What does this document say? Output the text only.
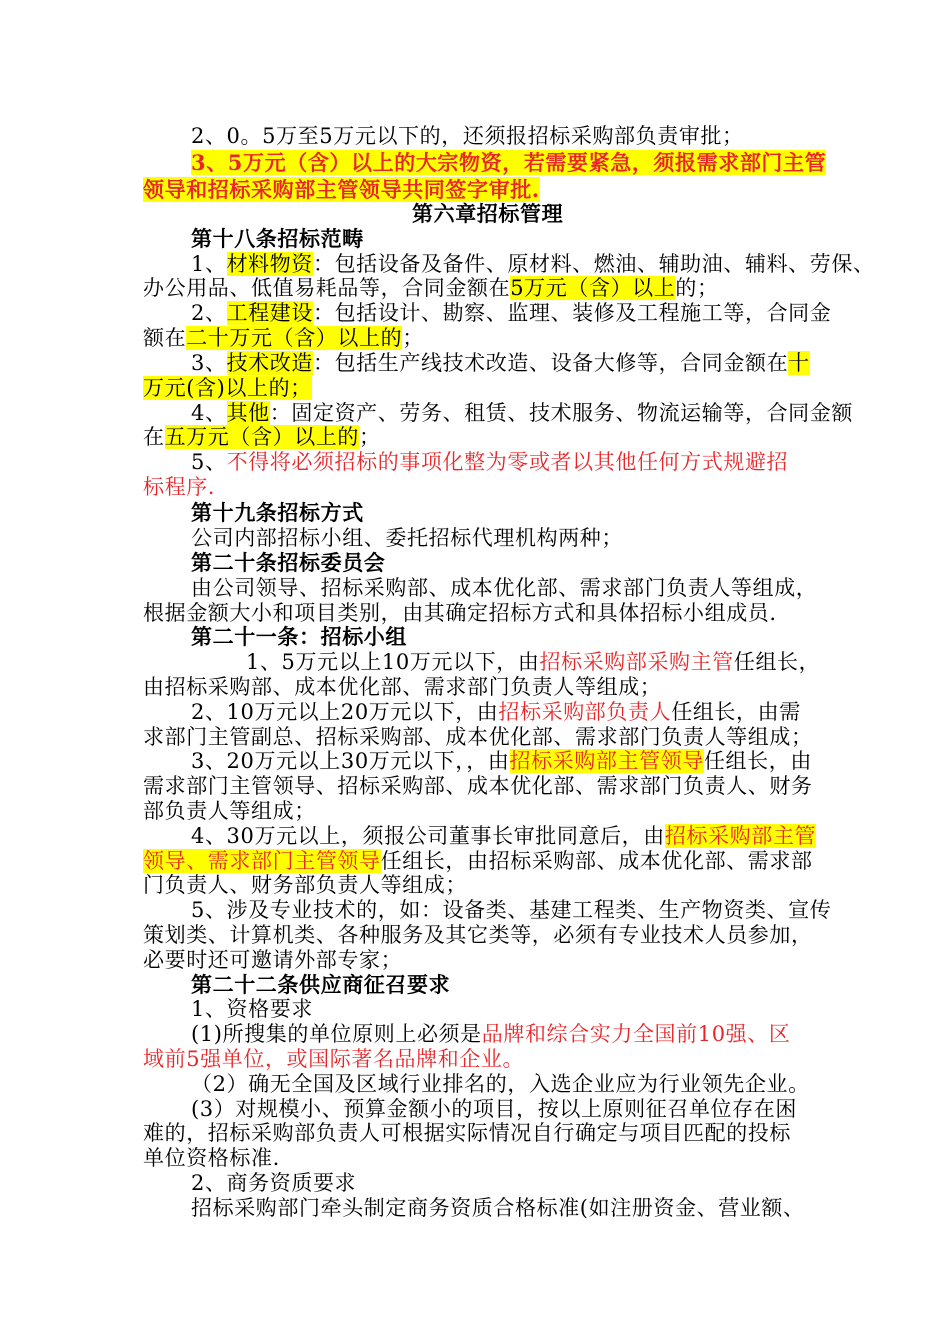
2、0。5万至5万元以下的，还须报招标采购部负责审批；
3、5万元（含）以上的大宗物资，若需要紧急，须报需求部门主管
领导和招标采购部主管领导共同签字审批.
第六章招标管理
第十八条招标范畴
1、材料物资：包括设备及备件、原材料、燃油、辅助油、辅料、劳保、
办公用品、低值易耗品等，合同金额在5万元（含）以上的；
2、工程建设：包括设计、勘察、监理、装修及工程施工等，合同金
额在二十万元（含）以上的；
3、技术改造：包括生产线技术改造、设备大修等，合同金额在十
万元(含)以上的；
4、其他：固定资产、劳务、租赁、技术服务、物流运输等，合同金额
在五万元（含）以上的；
5、不得将必须招标的事项化整为零或者以其他任何方式规避招
标程序.
第十九条招标方式
公司内部招标小组、委托招标代理机构两种；
第二十条招标委员会
由公司领导、招标采购部、成本优化部、需求部门负责人等组成，
根据金额大小和项目类别，由其确定招标方式和具体招标小组成员.
第二十一条：招标小组
1、5万元以上10万元以下，由招标采购部采购主管任组长，
由招标采购部、成本优化部、需求部门负责人等组成；
2、10万元以上20万元以下，由招标采购部负责人任组长，由需
求部门主管副总、招标采购部、成本优化部、需求部门负责人等组成；
3、20万元以上30万元以下，，由招标采购部主管领导任组长，由
需求部门主管领导、招标采购部、成本优化部、需求部门负责人、财务
部负责人等组成；
4、30万元以上，须报公司董事长审批同意后，由招标采购部主管
领导、需求部门主管领导任组长，由招标采购部、成本优化部、需求部
门负责人、财务部负责人等组成；
5、涉及专业技术的，如：设备类、基建工程类、生产物资类、宣传
策划类、计算机类、各种服务及其它类等，必须有专业技术人员参加，
必要时还可邀请外部专家；
第二十二条供应商征召要求
1、资格要求
(1)所搜集的单位原则上必须是品牌和综合实力全国前10强、区
域前5强单位，或国际著名品牌和企业。
（2）确无全国及区域行业排名的，入选企业应为行业领先企业。
(3）对规模小、预算金额小的项目，按以上原则征召单位存在困
难的，招标采购部负责人可根据实际情况自行确定与项目匹配的投标
单位资格标准.
2、商务资质要求
招标采购部门牵头制定商务资质合格标准(如注册资金、营业额、
